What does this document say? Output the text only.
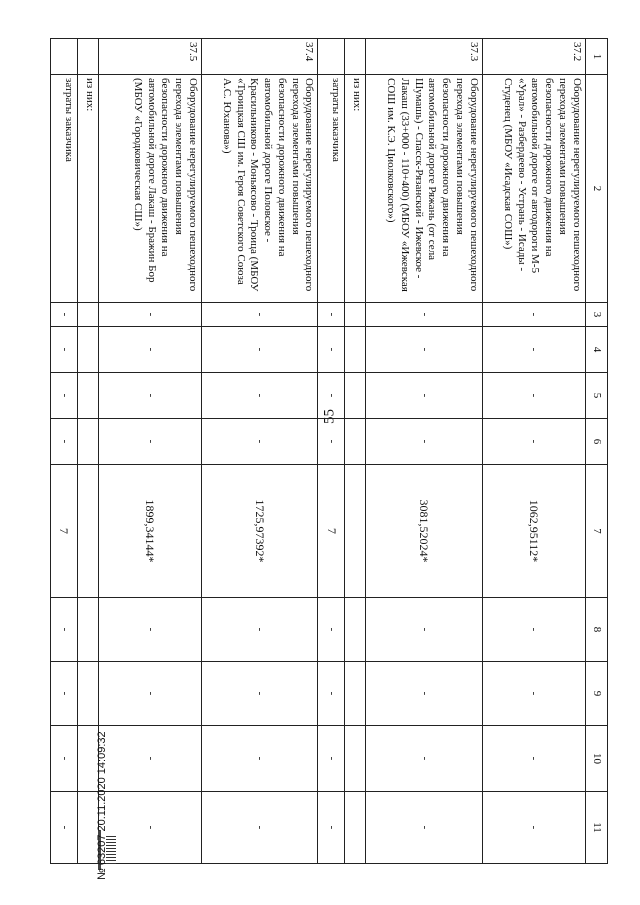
55
1	2	3	4	5	6	7	8	9	10	11
37.2	Оборудование нерегулируемого пешеходного перехода элементами повышения безопасности дорожного движения на автомобильной дороге от автодороги М-5 «Урал» - Разбердеево - Устрань - Исады - Студенец (МБОУ «Исадская СОШ»)	-	-	-	-	1062,95112*	-	-	-	-
37.3	Оборудование нерегулируемого пешеходного перехода элементами повышения безопасности дорожного движения на автомобильной дороге Ряжань (от села Шумашь) - Спасск-Рязанский - Ижевское - Лакаш (33+000 - 110+400) (МБОУ «Ижевская СОШ им. К.Э. Циолковского»)	-	-	-	-	3081,52024*	-	-	-	-
	из них:									
	затраты заказчика	-	-	-	-	7	-	-	-	-
37.4	Оборудование нерегулируемого пешеходного перехода элементами повышения безопасности дорожного движения на автомобильной дороге Половское - Красильниково - Моньясово - Троица (МБОУ «Троицкая СШ им. Героя Советского Союза А.С. Юханова»)	-	-	-	-	1725,97392*	-	-	-	-
37.5	Оборудование нерегулируемого пешеходного перехода элементами повышения безопасности дорожного движения на автомобильной дороге Лакаш - Бражин Бор (МБОУ «Городковическая СШ»)	-	-	-	-	1899,34144*	-	-	-	-
	из них:									
	затраты заказчика	-	-	-	-	7	-	-	-	- № 63207 20.11.2020 14:09:32
